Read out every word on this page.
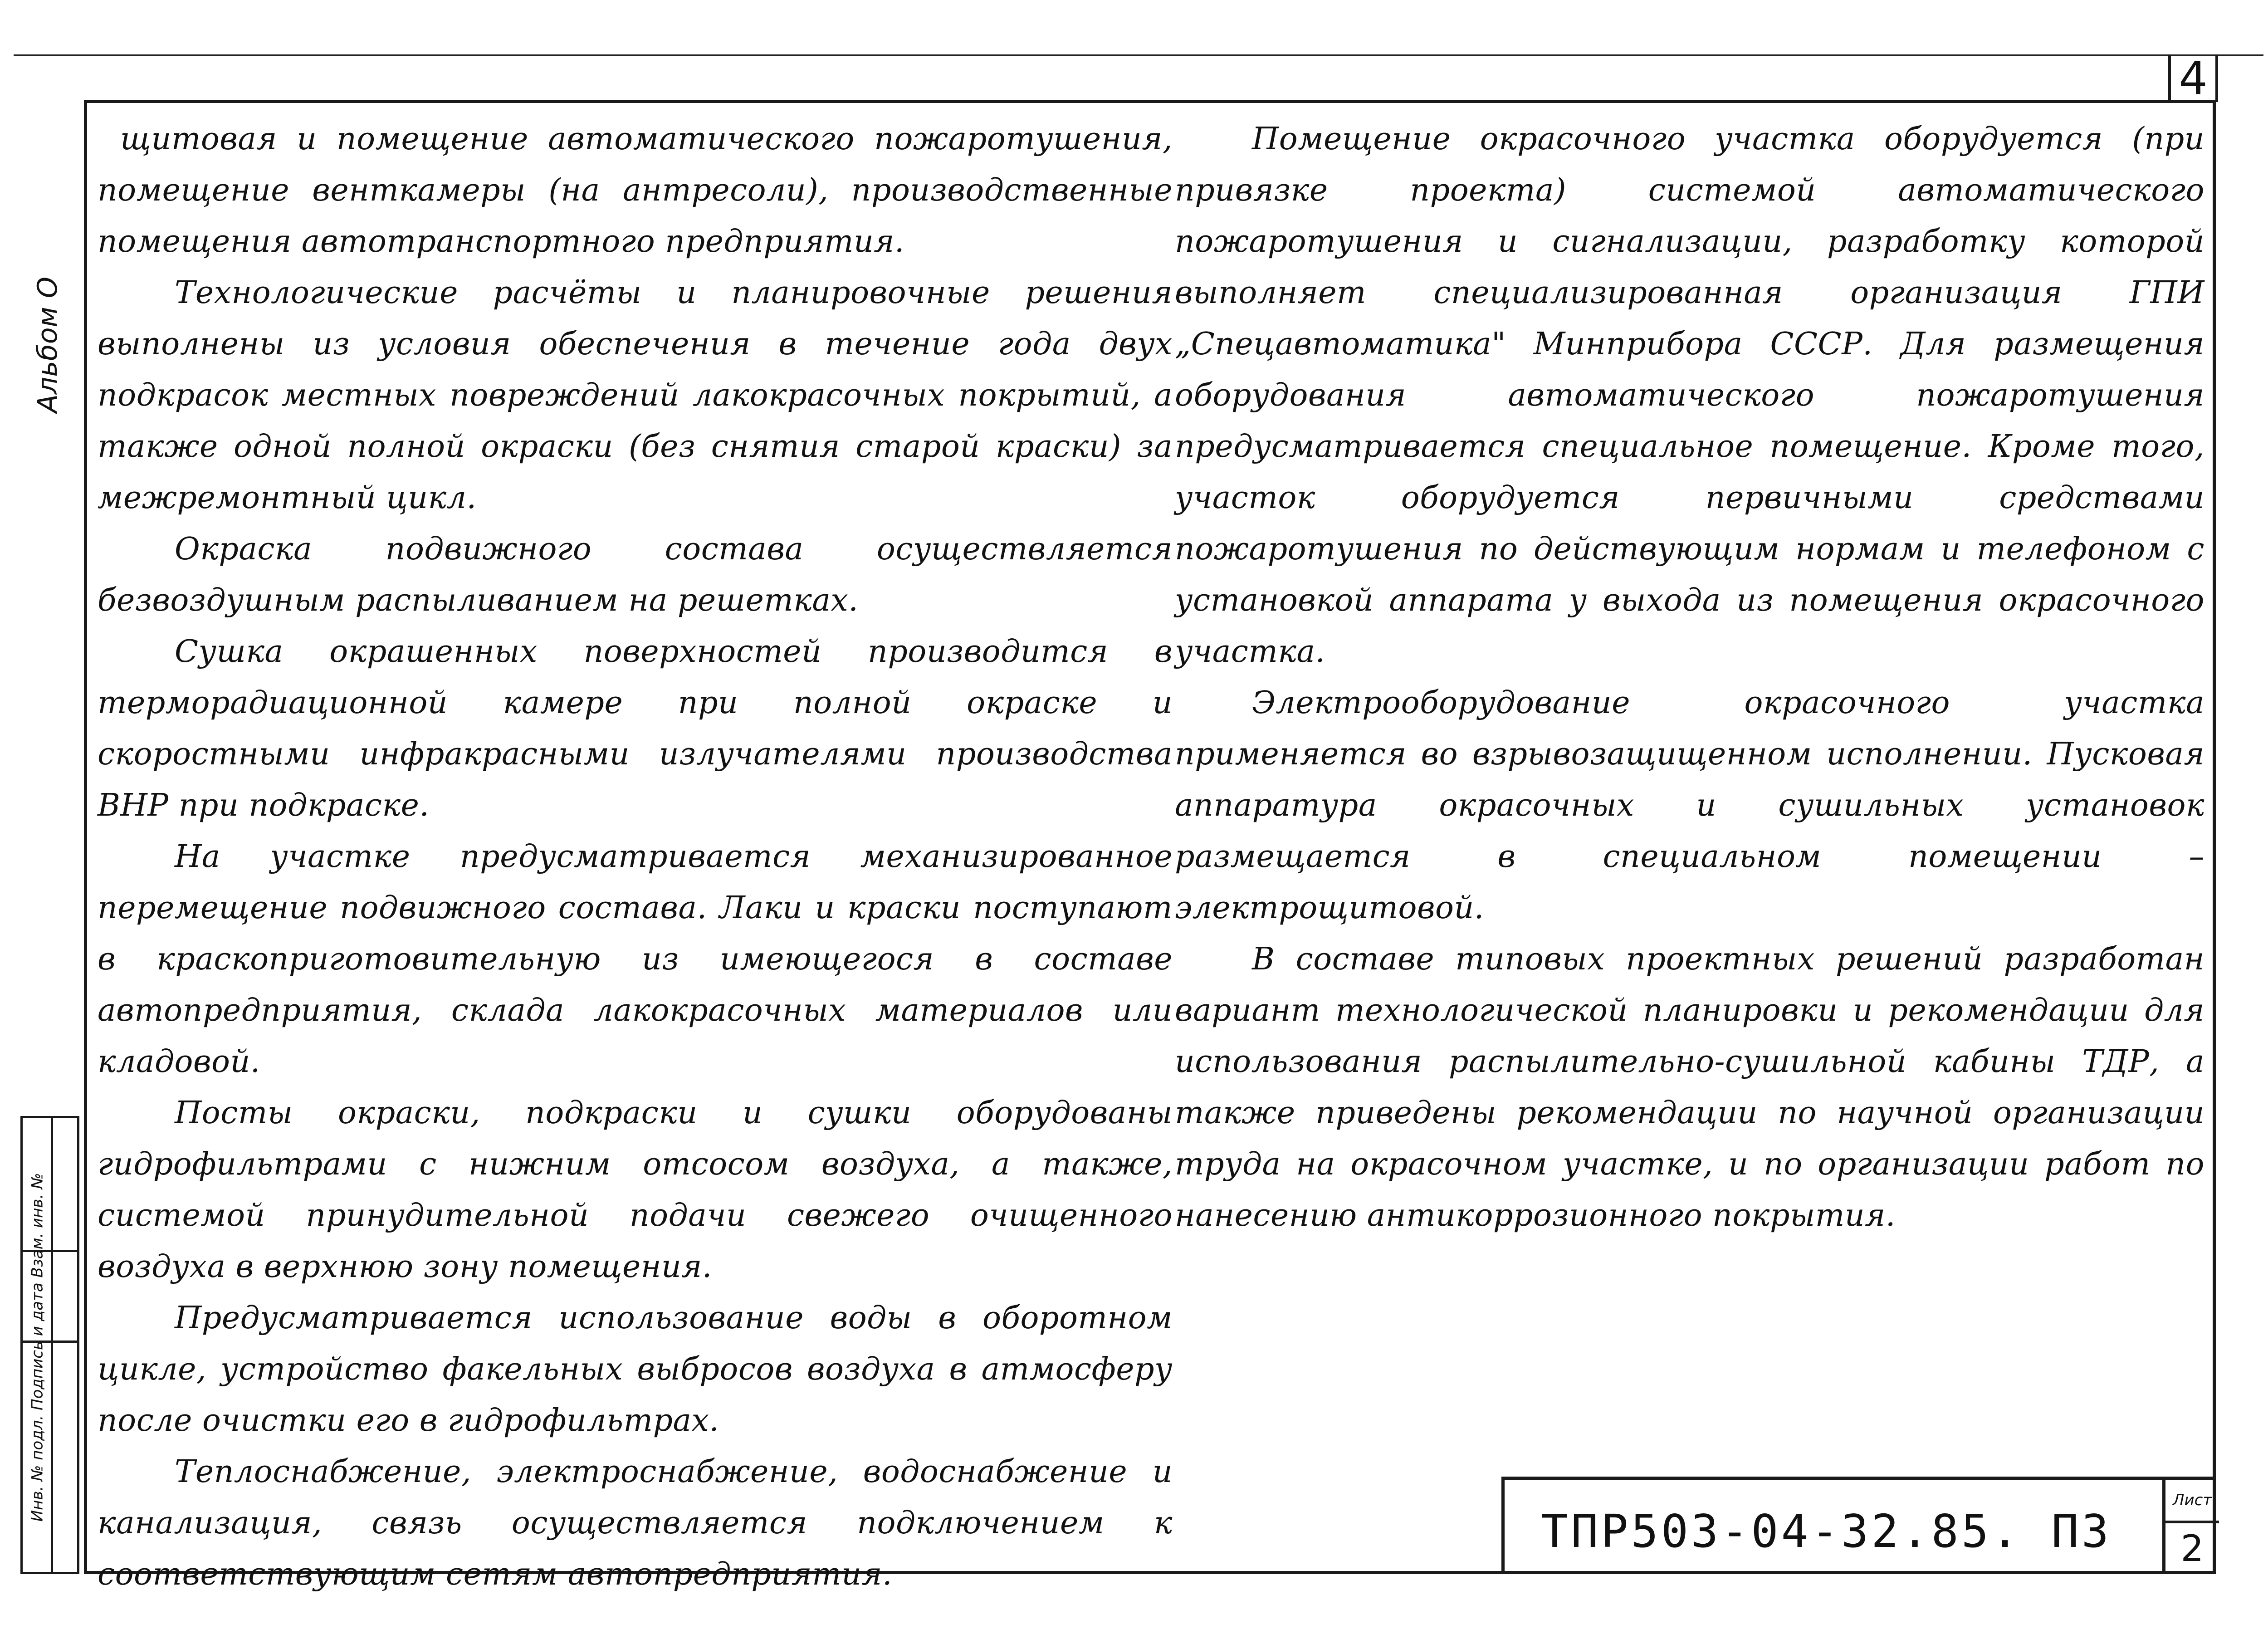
4
Альбом О
Инв. № подл. Подпись и дата Взам. инв. №

щитовая и помещение автоматического пожаротушения, помещение венткамеры (на антресоли), производственные помещения автотранспортного предприятия.

Технологические расчёты и планировочные решения выполнены из условия обеспечения в течение года двух подкрасок местных повреждений лакокрасочных покрытий, а также одной полной окраски (без снятия старой краски) за межремонтный цикл.

Окраска подвижного состава осуществляется безвоздушным распыливанием на решетках.

Сушка окрашенных поверхностей производится в терморадиационной камере при полной окраске и скоростными инфракрасными излучателями производства ВНР при подкраске.

На участке предусматривается механизированное перемещение подвижного состава. Лаки и краски поступают в краскоприготовительную из имеющегося в составе автопредприятия, склада лакокрасочных материалов или кладовой.

Посты окраски, подкраски и сушки оборудованы гидрофильтрами с нижним отсосом воздуха, а также, системой принудительной подачи свежего очищенного воздуха в верхнюю зону помещения.

Предусматривается использование воды в оборотном цикле, устройство факельных выбросов воздуха в атмосферу после очистки его в гидрофильтрах.

Теплоснабжение, электроснабжение, водоснабжение и канализация, связь осуществляется подключением к соответствующим сетям автопредприятия.

Помещение окрасочного участка оборудуется (при привязке проекта) системой автоматического пожаротушения и сигнализации, разработку которой выполняет специализированная организация ГПИ „Спецавтоматика" Минприбора СССР. Для размещения оборудования автоматического пожаротушения предусматривается специальное помещение. Кроме того, участок оборудуется первичными средствами пожаротушения по действующим нормам и телефоном с установкой аппарата у выхода из помещения окрасочного участка.

Электрооборудование окрасочного участка применяется во взрывозащищенном исполнении. Пусковая аппаратура окрасочных и сушильных установок размещается в специальном помещении – электрощитовой.

В составе типовых проектных решений разработан вариант технологической планировки и рекомендации для использования распылительно-сушильной кабины ТДР, а также приведены рекомендации по научной организации труда на окрасочном участке, и по организации работ по нанесению антикоррозионного покрытия.

ТПР503-04-32.85. ПЗ
Лист
2
